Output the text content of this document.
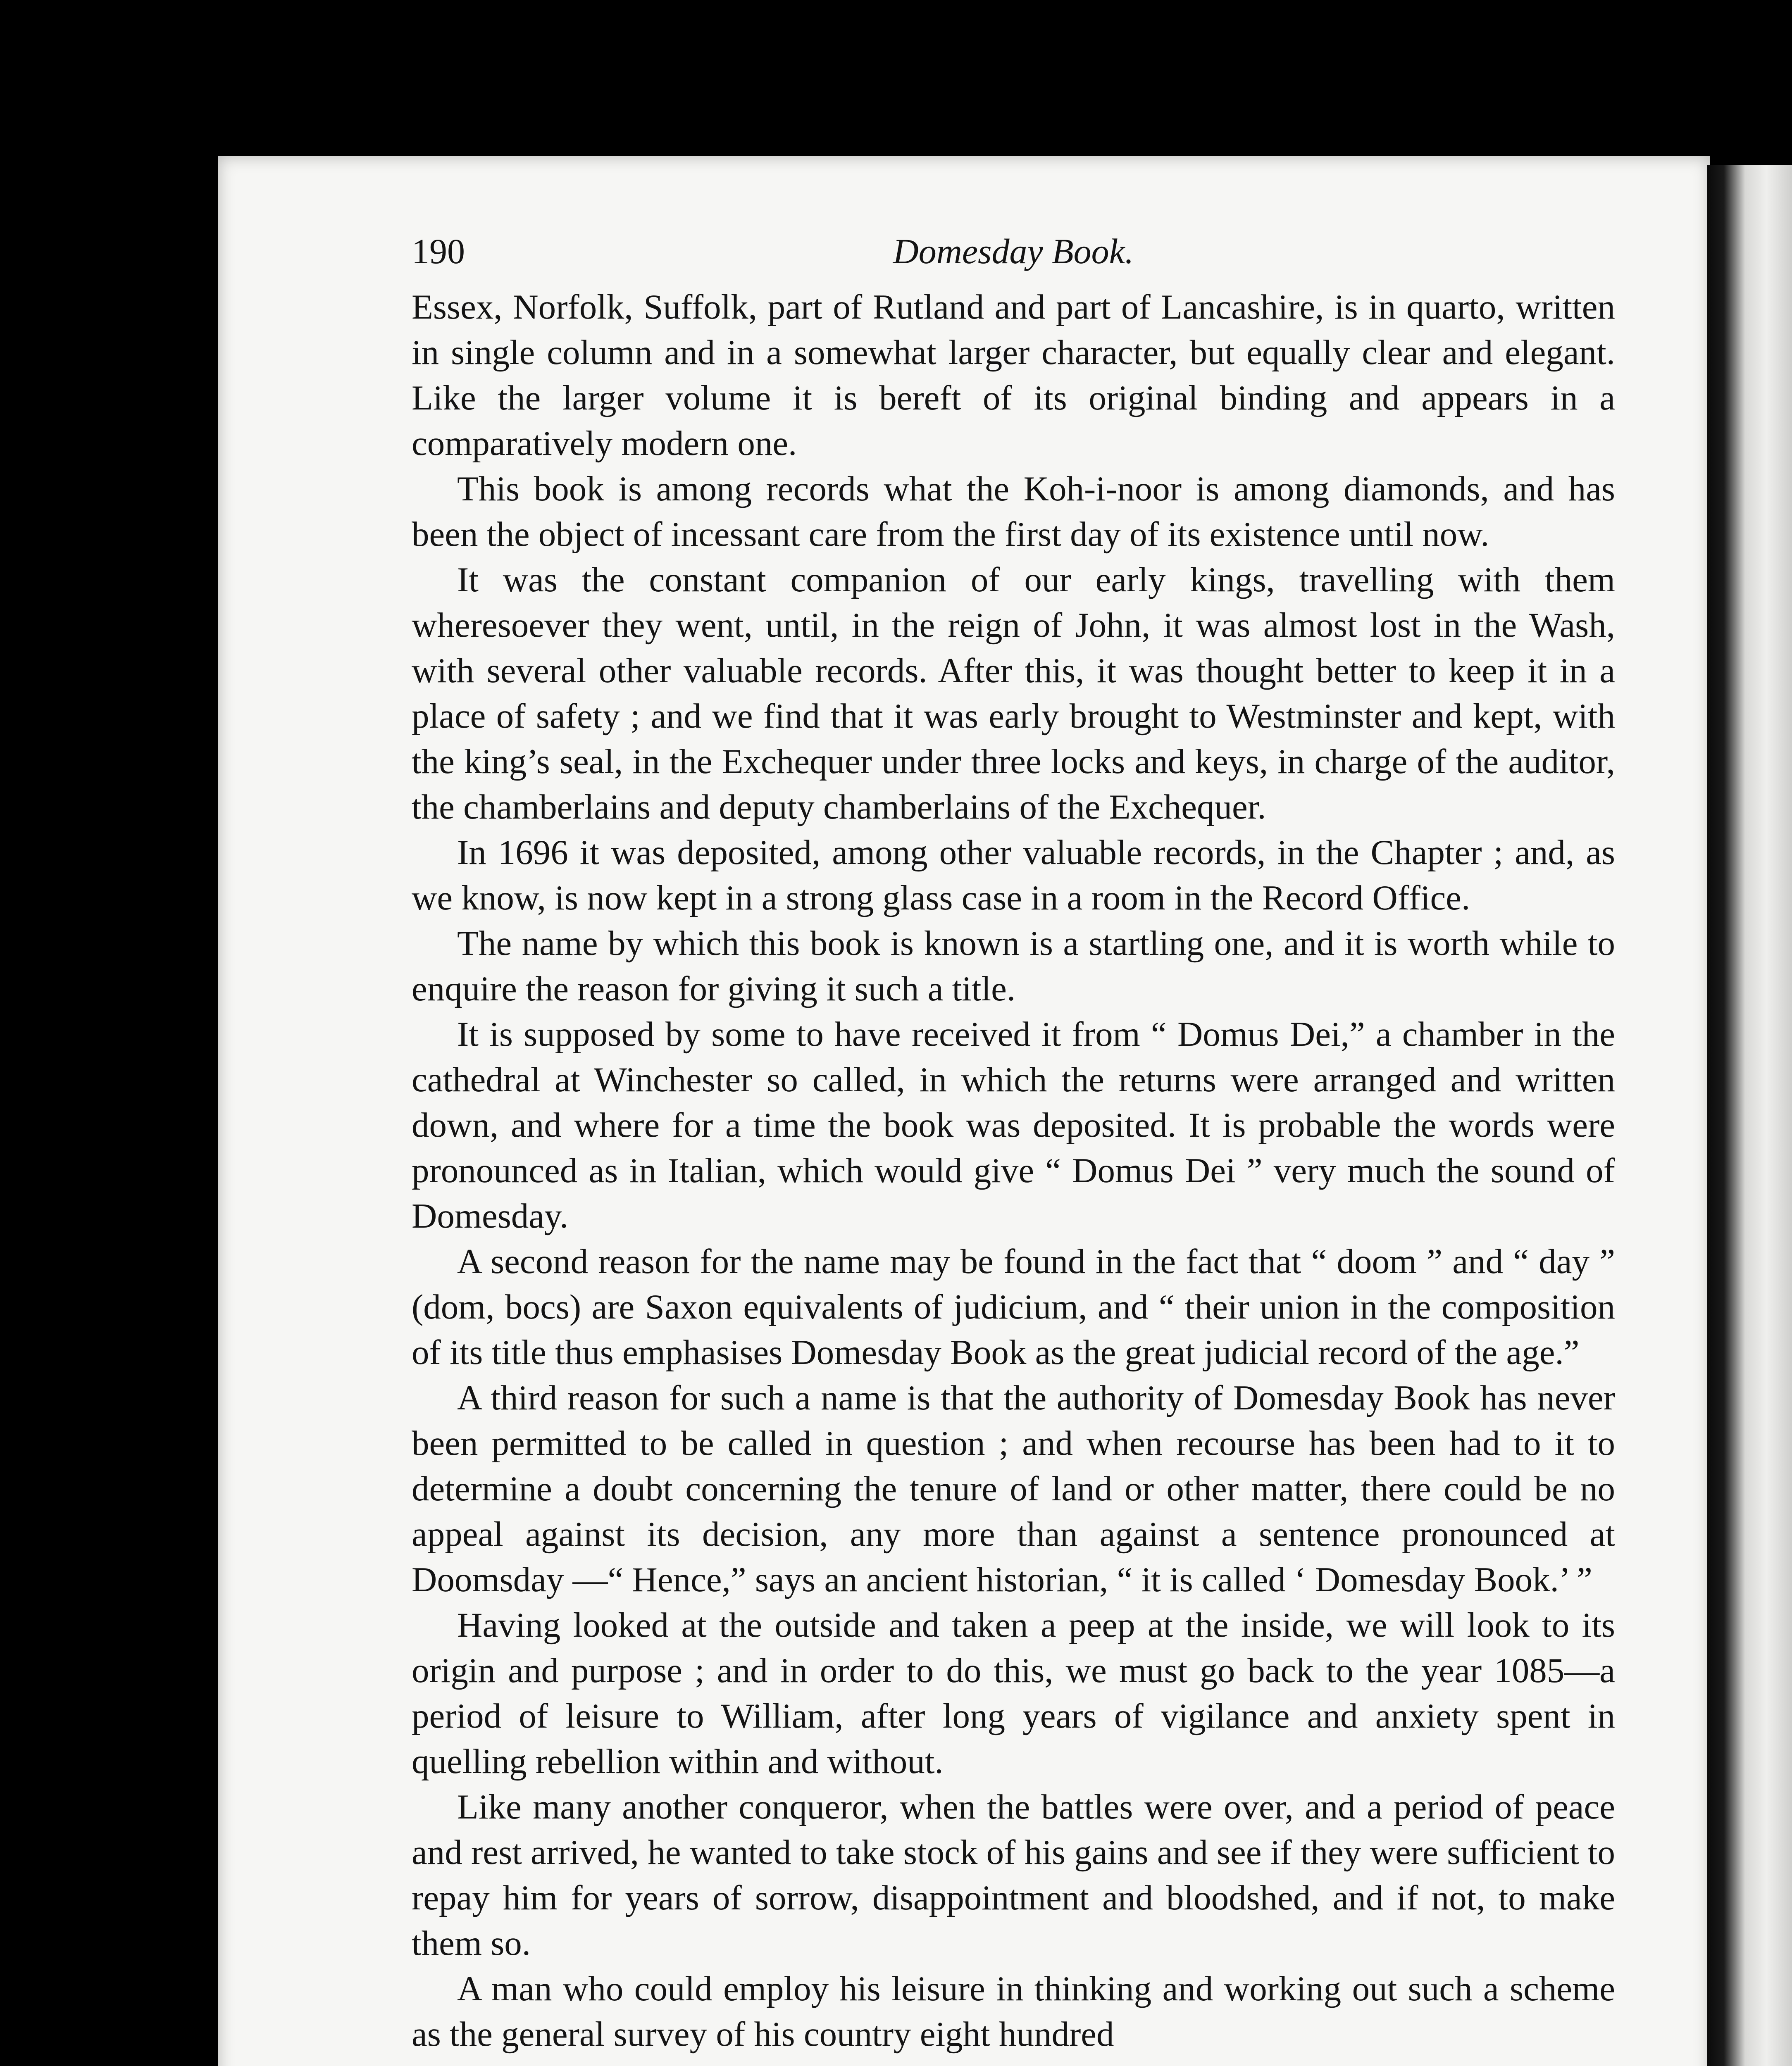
190	Domesday Book.

Essex, Norfolk, Suffolk, part of Rutland and part of Lancashire, is in quarto, written in single column and in a somewhat larger character, but equally clear and elegant. Like the larger volume it is bereft of its original binding and appears in a comparatively modern one.

This book is among records what the Koh-i-noor is among diamonds, and has been the object of incessant care from the first day of its existence until now.

It was the constant companion of our early kings, travelling with them wheresoever they went, until, in the reign of John, it was almost lost in the Wash, with several other valuable records. After this, it was thought better to keep it in a place of safety ; and we find that it was early brought to Westminster and kept, with the king’s seal, in the Exchequer under three locks and keys, in charge of the auditor, the chamberlains and deputy chamberlains of the Exchequer.

In 1696 it was deposited, among other valuable records, in the Chapter ; and, as we know, is now kept in a strong glass case in a room in the Record Office.

The name by which this book is known is a startling one, and it is worth while to enquire the reason for giving it such a title.

It is supposed by some to have received it from “ Domus Dei,” a chamber in the cathedral at Winchester so called, in which the returns were arranged and written down, and where for a time the book was deposited. It is probable the words were pronounced as in Italian, which would give “ Domus Dei ” very much the sound of Domesday.

A second reason for the name may be found in the fact that “ doom ” and “ day ” (dom, bocs) are Saxon equivalents of judicium, and “ their union in the composition of its title thus emphasises Domesday Book as the great judicial record of the age.”

A third reason for such a name is that the authority of Domesday Book has never been permitted to be called in question ; and when recourse has been had to it to determine a doubt concerning the tenure of land or other matter, there could be no appeal against its decision, any more than against a sentence pronounced at Doomsday —“ Hence,” says an ancient historian, “ it is called ‘ Domesday Book.’ ”

Having looked at the outside and taken a peep at the inside, we will look to its origin and purpose ; and in order to do this, we must go back to the year 1085—a period of leisure to William, after long years of vigilance and anxiety spent in quelling rebellion within and without.

Like many another conqueror, when the battles were over, and a period of peace and rest arrived, he wanted to take stock of his gains and see if they were sufficient to repay him for years of sorrow, disappointment and bloodshed, and if not, to make them so.

A man who could employ his leisure in thinking and working out such a scheme as the general survey of his country eight hundred
